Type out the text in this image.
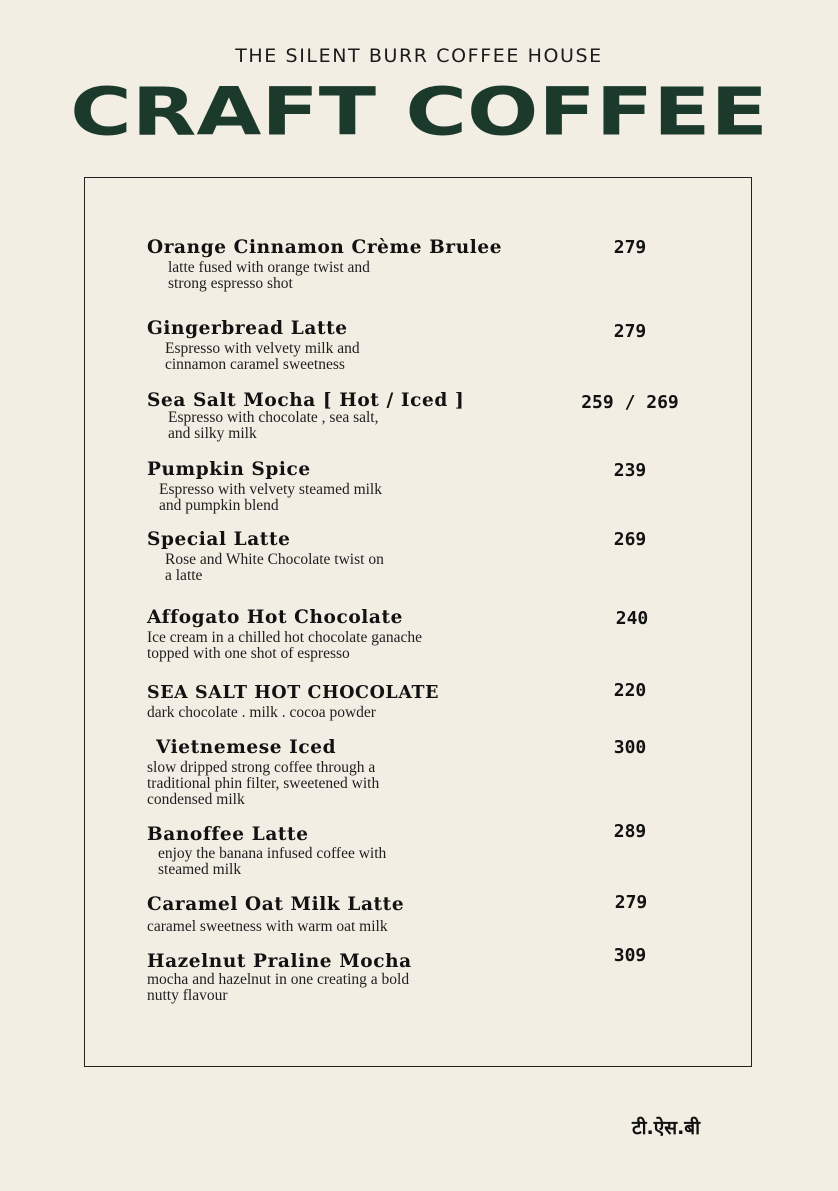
THE SILENT BURR COFFEE HOUSE
CRAFT COFFEE
Orange Cinnamon Crème Brulee
latte fused with orange twist and
strong espresso shot
279
Gingerbread Latte
Espresso with velvety milk and
cinnamon caramel sweetness
279
Sea Salt Mocha [ Hot / Iced ]
Espresso with chocolate , sea salt,
and silky milk
259 / 269
Pumpkin Spice
Espresso with velvety steamed milk
and pumpkin blend
239
Special Latte
Rose and White Chocolate twist on
a latte
269
Affogato Hot Chocolate
Ice cream in a chilled hot chocolate ganache
topped with one shot of espresso
240
SEA SALT HOT CHOCOLATE
dark chocolate . milk . cocoa powder
220
Vietnemese Iced
slow dripped strong coffee through a
traditional phin filter, sweetened with
condensed milk
300
Banoffee Latte
enjoy the banana infused coffee with
steamed milk
289
Caramel Oat Milk Latte
caramel sweetness with warm oat milk
279
Hazelnut Praline Mocha
mocha and hazelnut in one creating a bold
nutty flavour
309
टी.ऐस.बी
